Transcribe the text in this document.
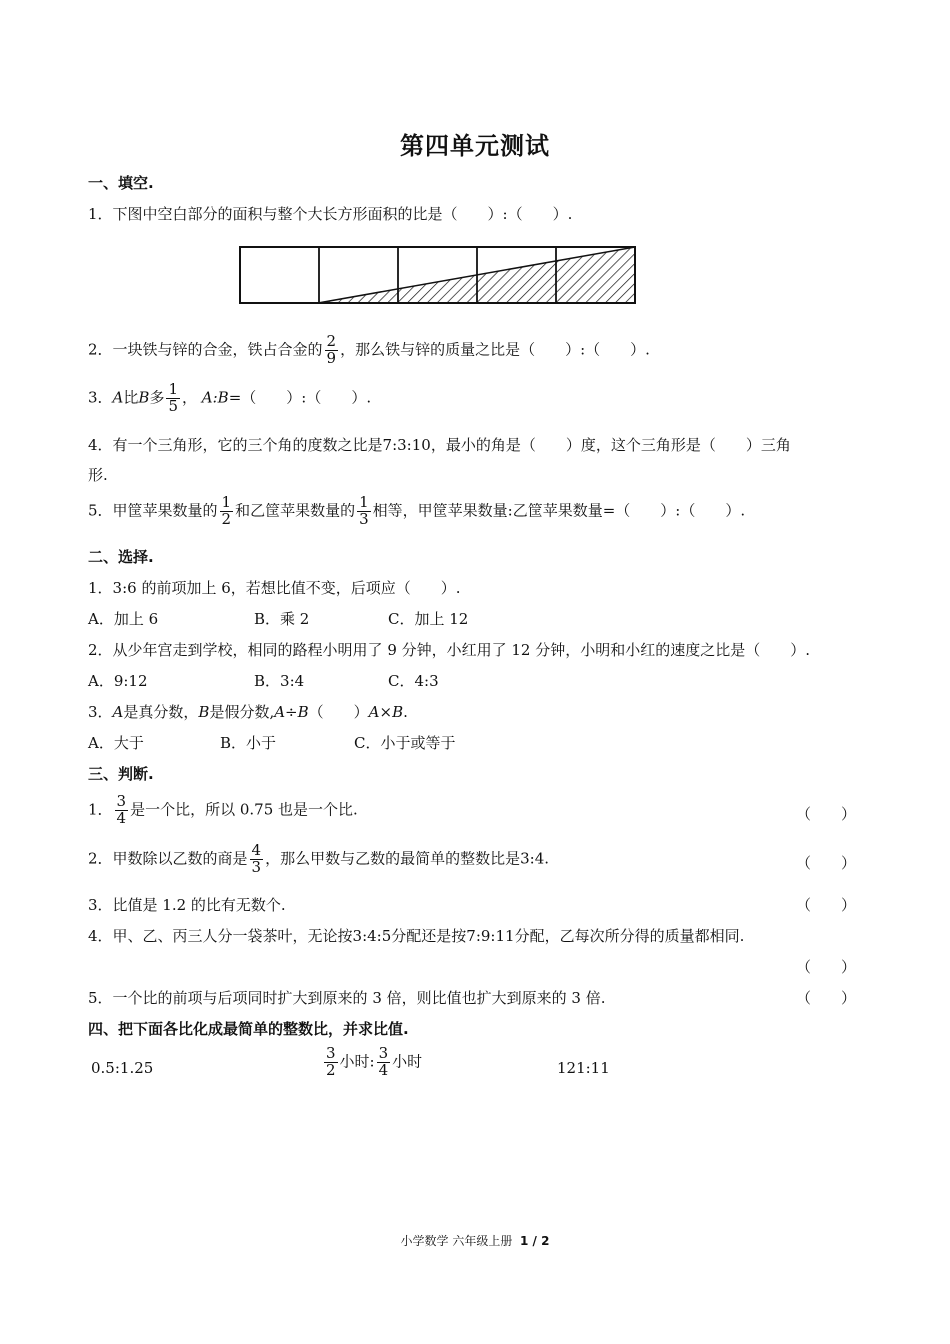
第四单元测试
一、填空.
1．下图中空白部分的面积与整个大长方形面积的比是（　　）:（　　）.
2．一块铁与锌的合金，铁占合金的 $\frac{2}{9}$ ，那么铁与锌的质量之比是（　　）:（　　）.
3．A比B多 $\frac{1}{5}$ ， A:B=（　　）:（　　）.
4．有一个三角形，它的三个角的度数之比是7:3:10，最小的角是（　　）度，这个三角形是（　　）三角
形.
5．甲筐苹果数量的 $\frac{1}{2}$ 和乙筐苹果数量的 $\frac{1}{3}$ 相等，甲筐苹果数量:乙筐苹果数量=（　　）:（　　）.
二、选择.
1．3:6 的前项加上 6，若想比值不变，后项应（　　）.
A．加上 6	B．乘 2	C．加上 12
2．从少年宫走到学校，相同的路程小明用了 9 分钟，小红用了 12 分钟，小明和小红的速度之比是（　　）.
A．9:12	B．3:4	C．4:3
3．A是真分数，B是假分数,A÷B（　　）A×B.
A．大于	B．小于	C．小于或等于
三、判断.
1． $\frac{3}{4}$ 是一个比，所以 0.75 也是一个比.	（　　）
2．甲数除以乙数的商是 $\frac{4}{3}$ ，那么甲数与乙数的最简单的整数比是3:4.	（　　）
3．比值是 1.2 的比有无数个.	（　　）
4．甲、乙、丙三人分一袋茶叶，无论按3:4:5分配还是按7:9:11分配，乙每次所分得的质量都相同.
（　　）
5．一个比的前项与后项同时扩大到原来的 3 倍，则比值也扩大到原来的 3 倍.	（　　）
四、把下面各比化成最简单的整数比，并求比值.
0.5:1.25	$\frac{3}{2}$ 小时: $\frac{3}{4}$ 小时	121:11
小学数学 六年级上册 1 / 2
